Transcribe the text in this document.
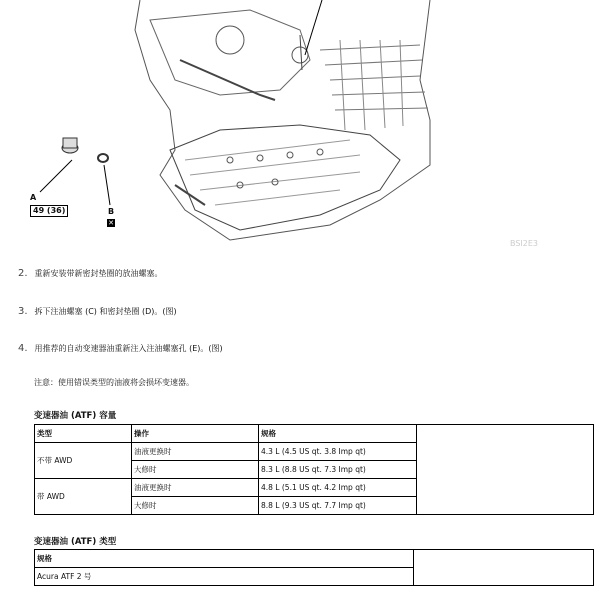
BSI2E3
A
49 (36)	B
✕
2. 重新安装带新密封垫圈的放油螺塞。
3. 拆下注油螺塞 (C) 和密封垫圈 (D)。(图)
4. 用推荐的自动变速器油重新注入注油螺塞孔 (E)。(图)
注意：使用错误类型的油液将会损坏变速器。
变速器油 (ATF) 容量
类型	操作	规格	
不带 AWD	油液更换时	4.3 L (4.5 US qt. 3.8 Imp qt)	
	大修时	8.3 L (8.8 US qt. 7.3 Imp qt)	
带 AWD	油液更换时	4.8 L (5.1 US qt. 4.2 Imp qt)	
	大修时	8.8 L (9.3 US qt. 7.7 Imp qt)	
变速器油 (ATF) 类型
规格	
Acura ATF 2 号	
